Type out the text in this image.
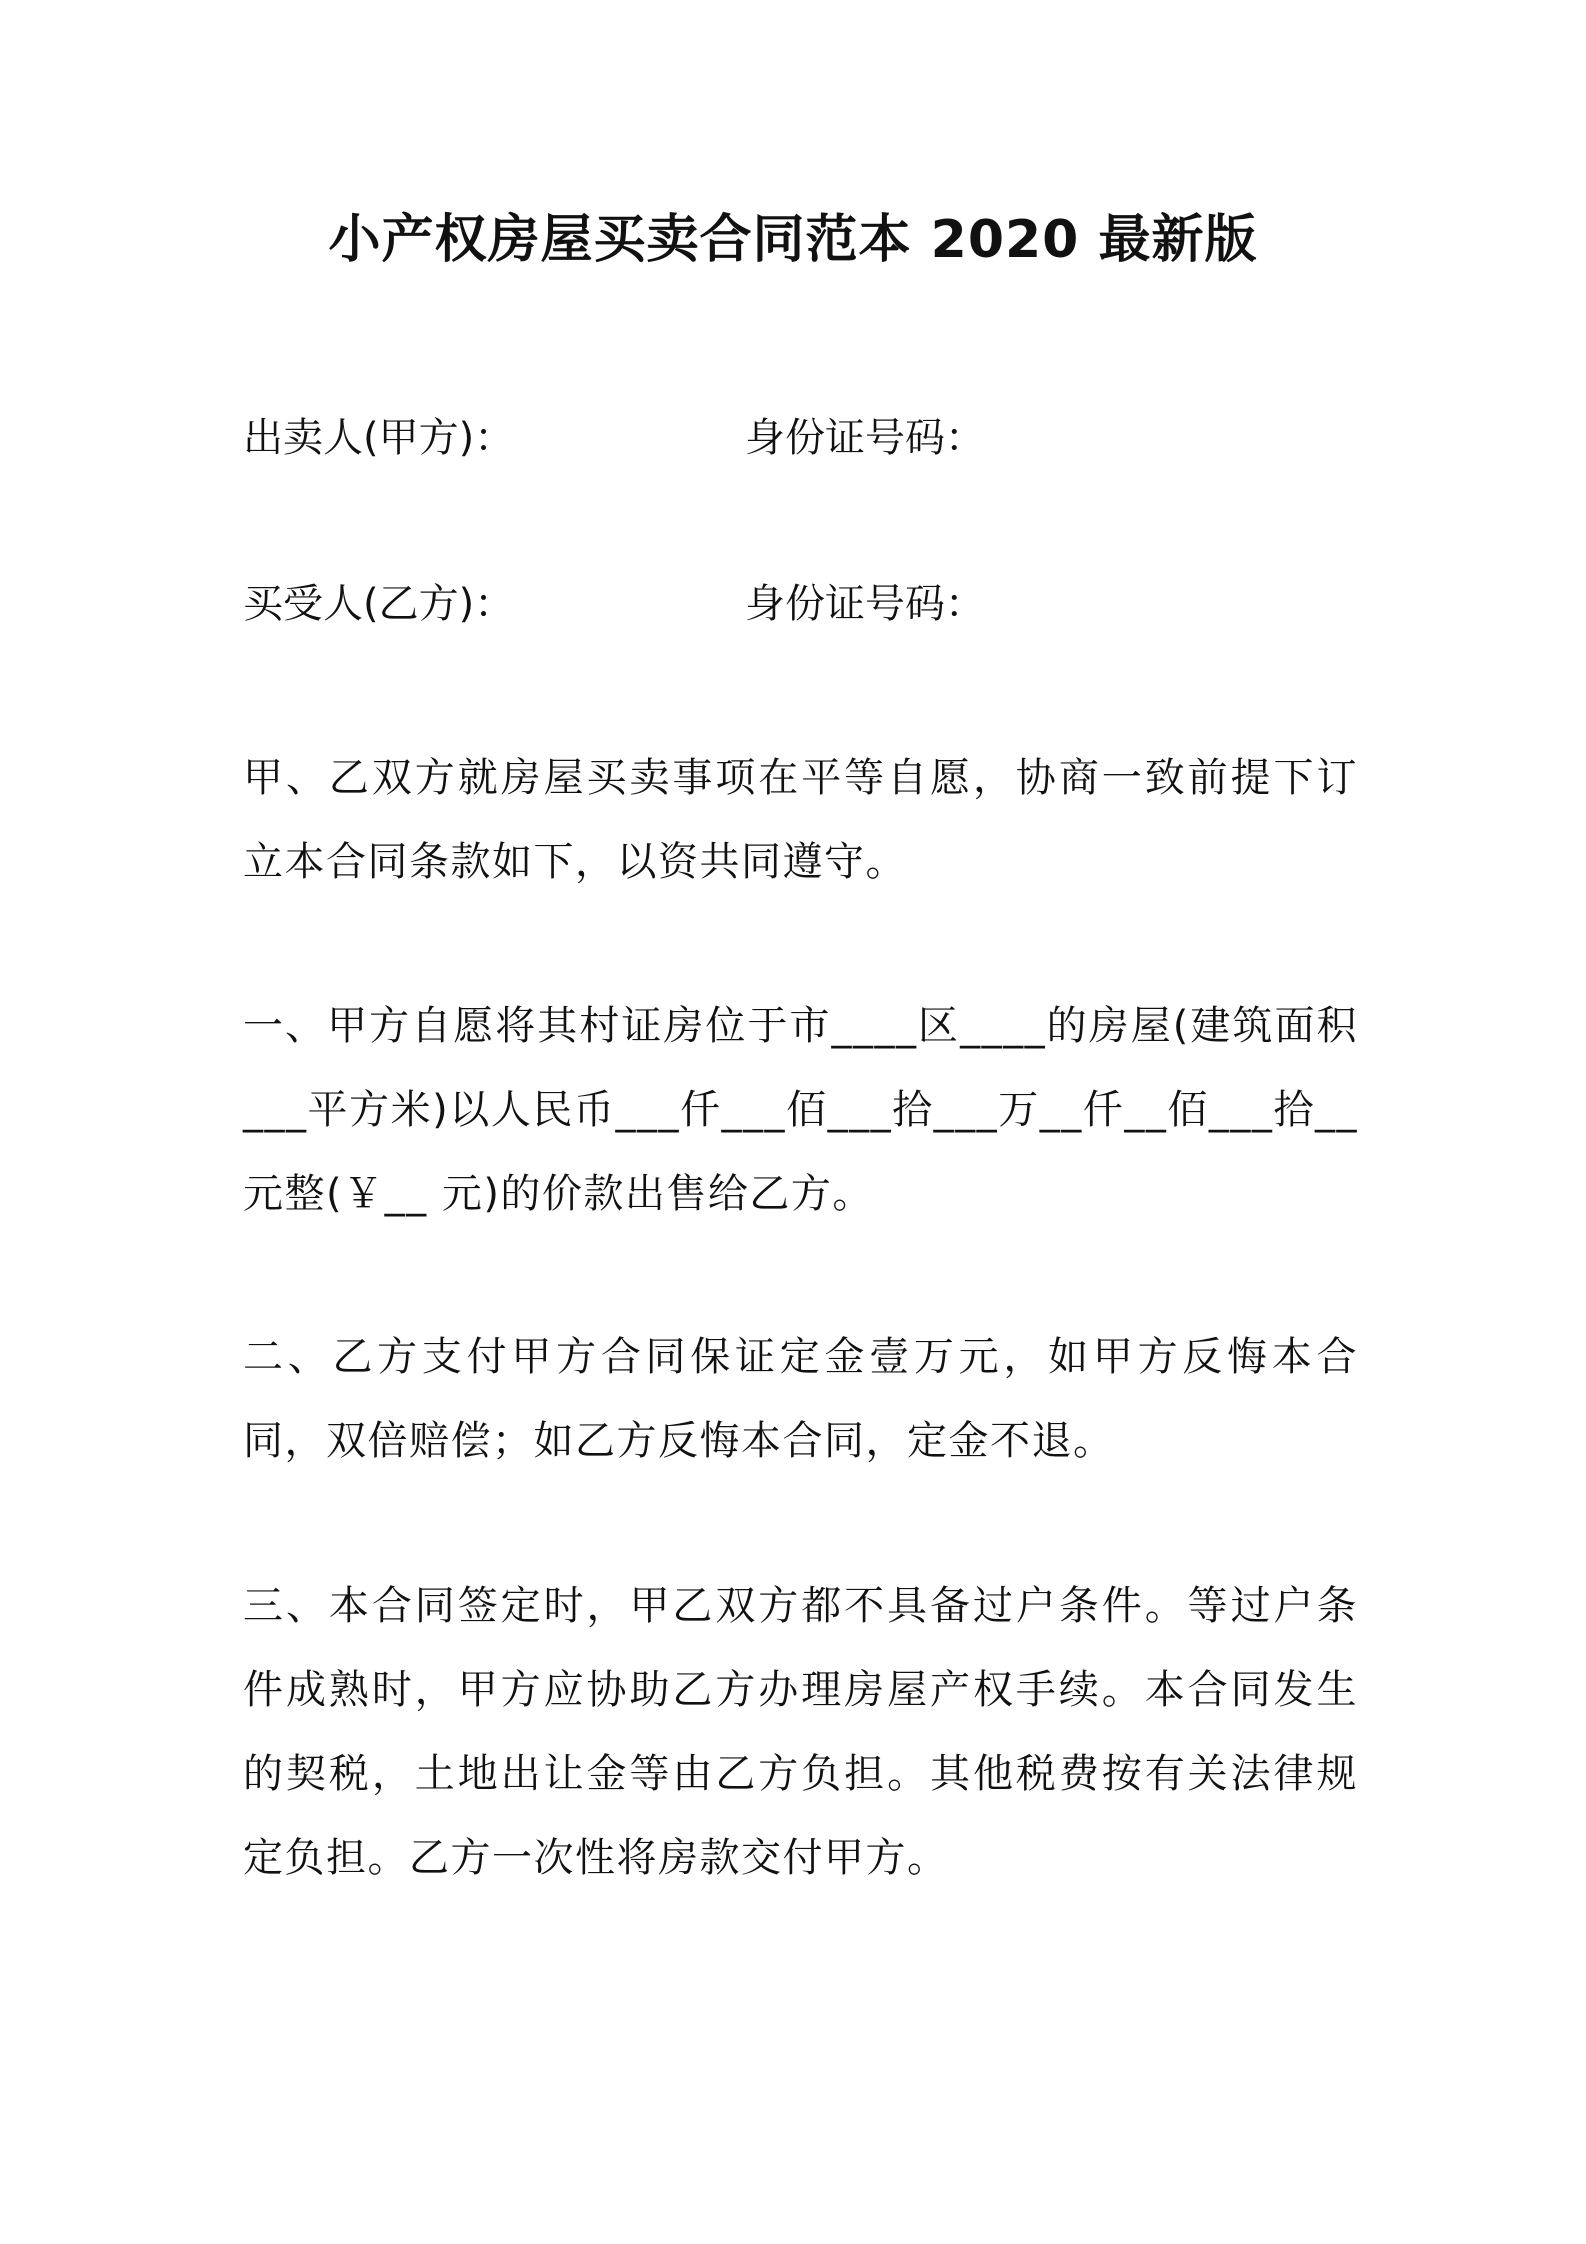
小产权房屋买卖合同范本 2020 最新版
出卖人(甲方)：	身份证号码：
买受人(乙方)：	身份证号码：
甲、乙双方就房屋买卖事项在平等自愿，协商一致前提下订立本合同条款如下，以资共同遵守。
一、甲方自愿将其村证房位于市____区____的房屋(建筑面积___平方米)以人民币___仟___佰___拾___万__仟__佰___拾__元整(￥__ 元)的价款出售给乙方。
二、乙方支付甲方合同保证定金壹万元，如甲方反悔本合同，双倍赔偿；如乙方反悔本合同，定金不退。
三、本合同签定时，甲乙双方都不具备过户条件。等过户条件成熟时，甲方应协助乙方办理房屋产权手续。本合同发生的契税，土地出让金等由乙方负担。其他税费按有关法律规定负担。乙方一次性将房款交付甲方。
